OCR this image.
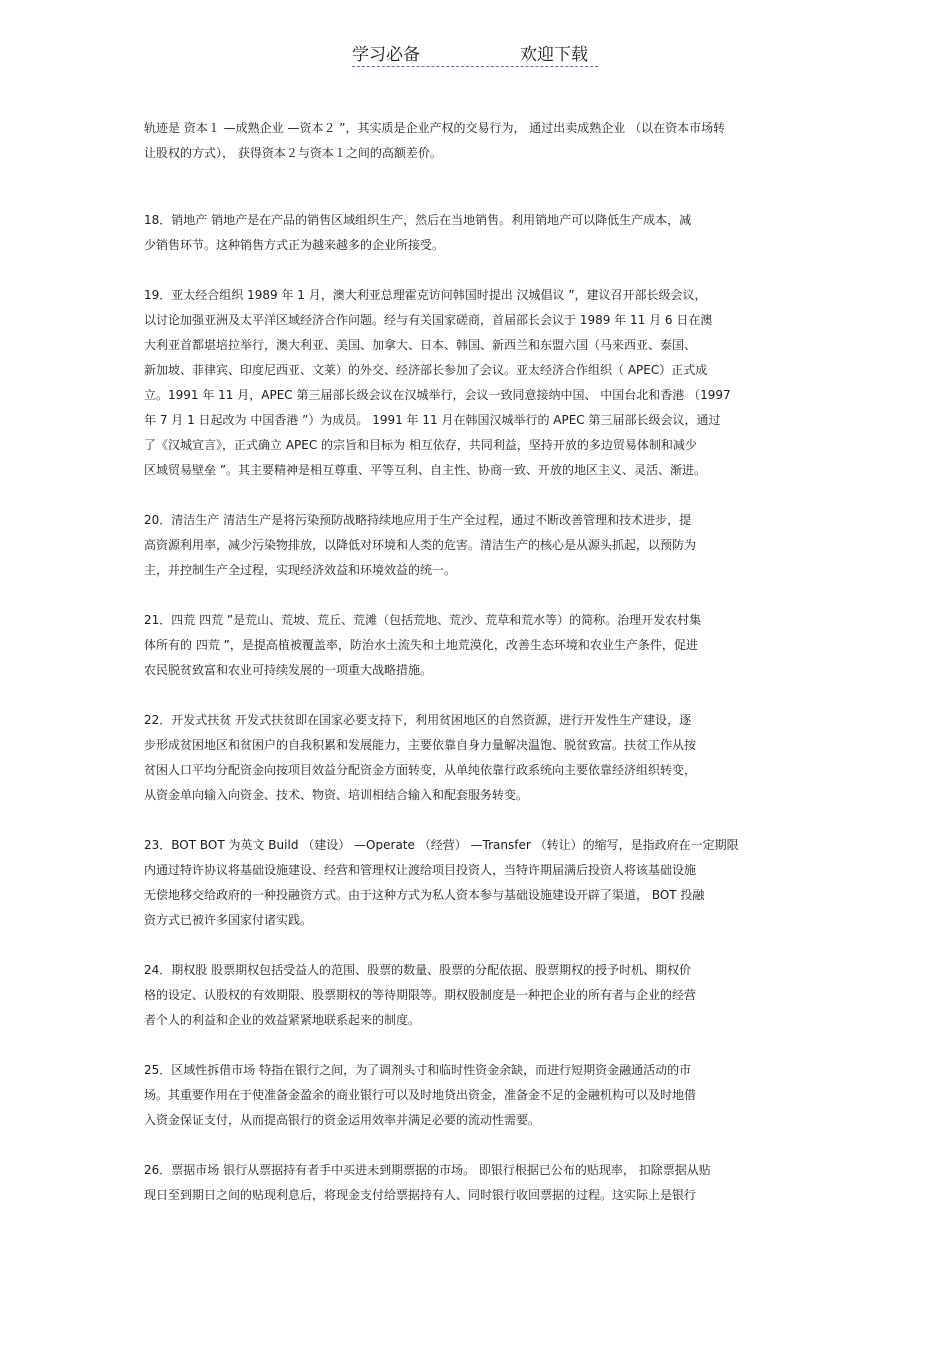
学习必备	欢迎下载

轨迹是 资本１ —成熟企业 —资本２ ”，其实质是企业产权的交易行为， 通过出卖成熟企业 （以在资本市场转
让股权的方式）， 获得资本２与资本１之间的高额差价。

18．销地产 销地产是在产品的销售区域组织生产，然后在当地销售。利用销地产可以降低生产成本，减
少销售环节。这种销售方式正为越来越多的企业所接受。

19．亚太经合组织 1989 年 1 月，澳大利亚总理霍克访问韩国时提出 汉城倡议 ”，建议召开部长级会议，
以讨论加强亚洲及太平洋区域经济合作问题。经与有关国家磋商，首届部长会议于 1989 年 11 月 6 日在澳
大利亚首都堪培拉举行，澳大利亚、美国、加拿大、日本、韩国、新西兰和东盟六国（马来西亚、泰国、
新加坡、菲律宾、印度尼西亚、文莱）的外交、经济部长参加了会议。亚太经济合作组织（ APEC）正式成
立。1991 年 11 月，APEC 第三届部长级会议在汉城举行，会议一致同意接纳中国、 中国台北和香港 （1997
年 7 月 1 日起改为 中国香港 ”）为成员。 1991 年 11 月在韩国汉城举行的 APEC 第三届部长级会议，通过
了《汉城宣言》，正式确立 APEC 的宗旨和目标为 相互依存，共同利益，坚持开放的多边贸易体制和减少
区域贸易壁垒 ”。其主要精神是相互尊重、平等互利、自主性、协商一致、开放的地区主义、灵活、渐进。

20．清洁生产 清洁生产是将污染预防战略持续地应用于生产全过程，通过不断改善管理和技术进步，提
高资源利用率，减少污染物排放，以降低对环境和人类的危害。清洁生产的核心是从源头抓起，以预防为
主，并控制生产全过程，实现经济效益和环境效益的统一。

21．四荒 四荒 ”是荒山、荒坡、荒丘、荒滩（包括荒地、荒沙、荒草和荒水等）的简称。治理开发农村集
体所有的 四荒 ”，是提高植被覆盖率，防治水土流失和土地荒漠化，改善生态环境和农业生产条件，促进
农民脱贫致富和农业可持续发展的一项重大战略措施。

22．开发式扶贫 开发式扶贫即在国家必要支持下，利用贫困地区的自然资源，进行开发性生产建设，逐
步形成贫困地区和贫困户的自我积累和发展能力，主要依靠自身力量解决温饱、脱贫致富。扶贫工作从按
贫困人口平均分配资金向按项目效益分配资金方面转变，从单纯依靠行政系统向主要依靠经济组织转变，
从资金单向输入向资金、技术、物资、培训相结合输入和配套服务转变。

23．BOT BOT 为英文 Build （建设） —Operate （经营） —Transfer （转让）的缩写，是指政府在一定期限
内通过特许协议将基础设施建设、经营和管理权让渡给项目投资人，当特许期届满后投资人将该基础设施
无偿地移交给政府的一种投融资方式。由于这种方式为私人资本参与基础设施建设开辟了渠道， BOT 投融
资方式已被许多国家付诸实践。

24．期权股 股票期权包括受益人的范围、股票的数量、股票的分配依据、股票期权的授予时机、期权价
格的设定、认股权的有效期限、股票期权的等待期限等。期权股制度是一种把企业的所有者与企业的经营
者个人的利益和企业的效益紧紧地联系起来的制度。

25．区域性拆借市场 特指在银行之间，为了调剂头寸和临时性资金余缺，而进行短期资金融通活动的市
场。其重要作用在于使准备金盈余的商业银行可以及时地贷出资金，准备金不足的金融机构可以及时地借
入资金保证支付，从而提高银行的资金运用效率并满足必要的流动性需要。

26．票据市场 银行从票据持有者手中买进未到期票据的市场。 即银行根据已公布的贴现率， 扣除票据从贴
现日至到期日之间的贴现利息后，将现金支付给票据持有人、同时银行收回票据的过程。这实际上是银行
